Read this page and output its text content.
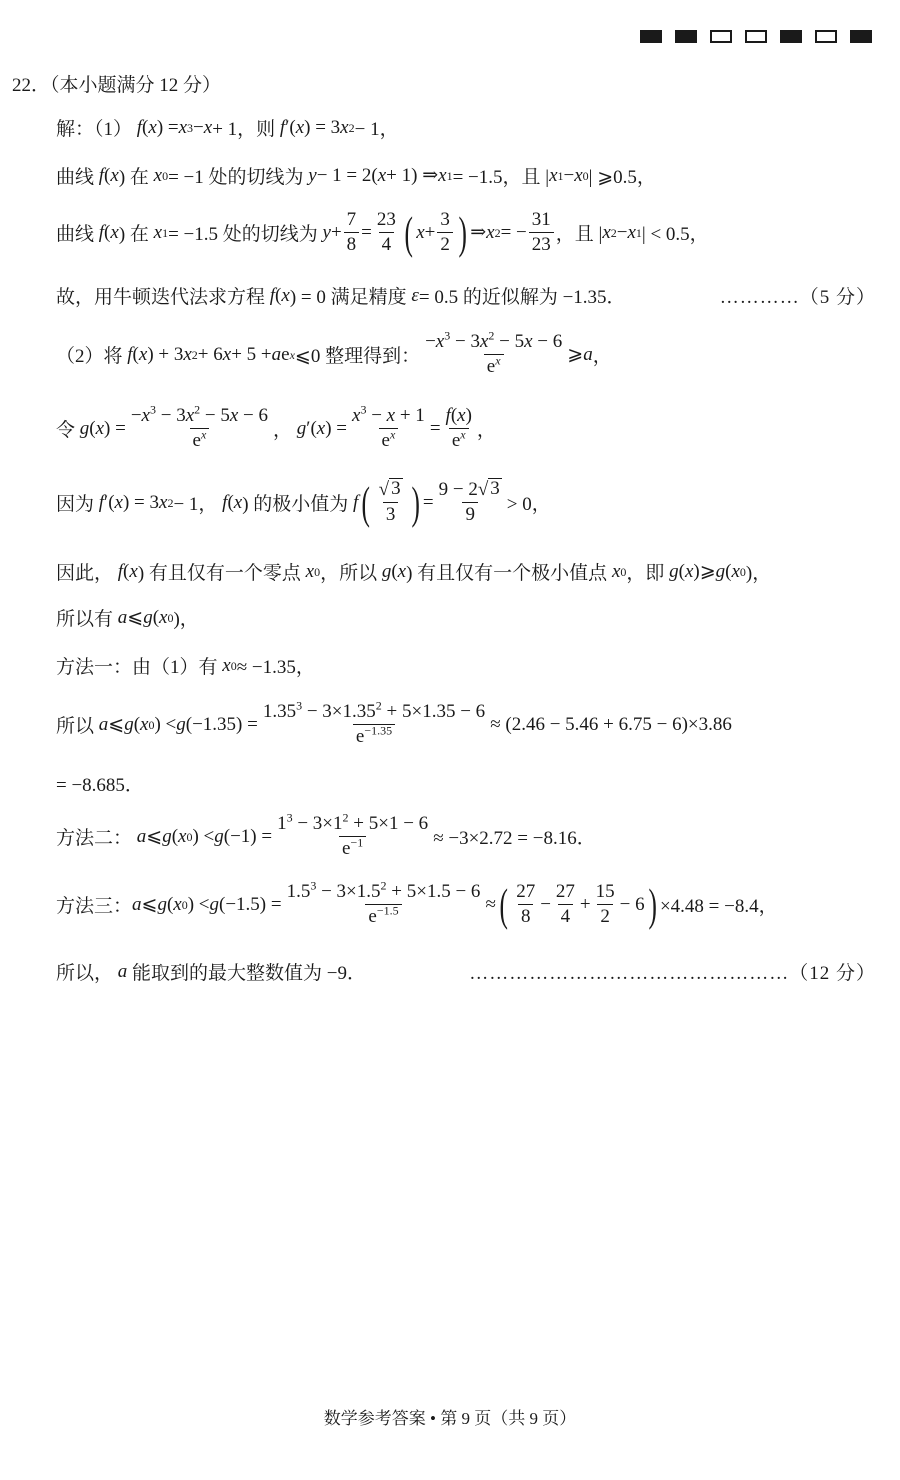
22．（本小题满分 12 分）
解：（1） f ( x ) = x 3 − x + 1，则 f ′( x ) = 3 x 2 − 1，
曲线 f ( x ) 在 x 0 = −1 处的切线为 y − 1 = 2( x + 1) ⇒ x 1 = −1.5，且 | x 1 − x 0 | ⩾0.5，
曲线 f ( x ) 在 x 1 = −1.5 处的切线为 $y + \frac{7}{8} = \frac{23}{4}$ ( $x + \frac{3}{2}$ ) ⇒ x 2 = − $\frac{31}{23}$ ，且 | x 2 − x 1 | < 0.5，
故，用牛顿迭代法求方程 f ( x ) = 0 满足精度 ε = 0.5 的近似解为 −1.35．	…………（5 分）
（2）将 f ( x ) + 3 x 2 + 6 x + 5 + a e x ⩽0 整理得到： $\frac{-x^3 - 3x^2 - 5x - 6}{e^x}$ ⩾ a ，
令 g ( x ) = $\frac{-x^3 - 3x^2 - 5x - 6}{e^x}$ ， g ′( x ) = $\frac{x^3 - x + 1}{e^x} = \frac{f(x)}{e^x}$ ，
因为 f ′( x ) = 3 x 2 − 1， f ( x ) 的极小值为 f ( $\frac{√ 3}{3}$ ) = $\frac{9 - 2√ 3}{9} > 0$，
因此， f ( x ) 有且仅有一个零点 x 0 ，所以 g ( x ) 有且仅有一个极小值点 x 0 ，即 g ( x )⩾ g ( x 0 )，
所以有 a ⩽ g ( x 0 )，
方法一：由（1）有 x 0 ≈ −1.35，
所以 a ⩽ g ( x 0 ) < g $(-1.35) = \frac{1.35^3 - 3\times 1.35^2 + 5\times 1.35 - 6}{e^{-1.35}} \approx (2.46 - 5.46 + 6.75 - 6)\times 3.86$
= −8.685．
方法二： a ⩽ g ( x 0 ) < g $(-1) = \frac{1^3 - 3\times 1^2 + 5\times 1 - 6}{e^{-1}} \approx -3\times 2.72 = -8.16$．
方法三： a ⩽ g ( x 0 ) < g $(-1.5) = \frac{1.5^3 - 3\times 1.5^2 + 5\times 1.5 - 6}{e^{-1.5}}$ ≈ ( $\frac{27}{8} - \frac{27}{4} + \frac{15}{2} - 6$ ) ×4.48 = −8.4，
所以， a 能取到的最大整数值为 −9．	…………………………………………（12 分）
数学参考答案 • 第 9 页（共 9 页）
